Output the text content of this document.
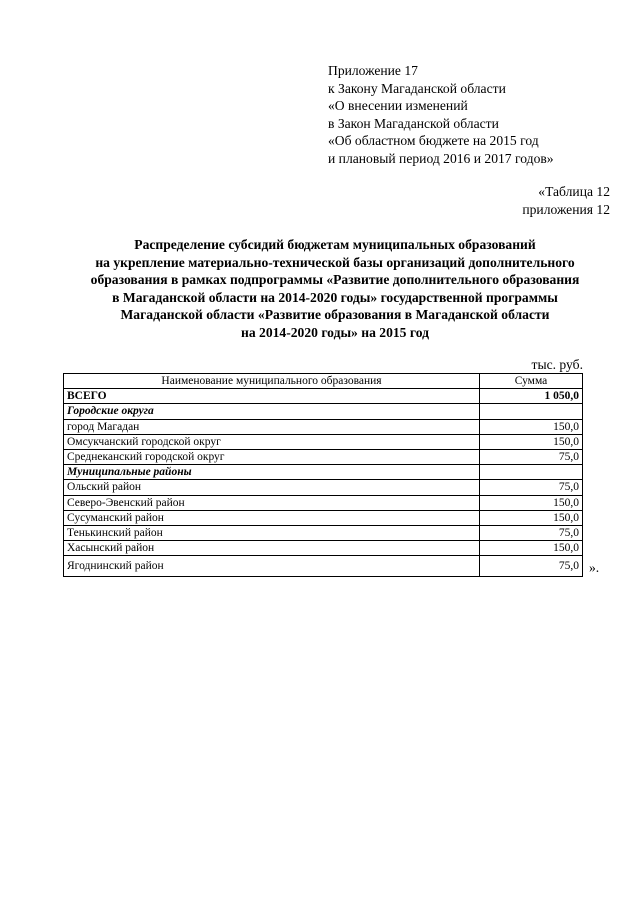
Приложение 17
к Закону Магаданской области
«О внесении изменений
в Закон Магаданской области
«Об областном бюджете на 2015 год
и плановый период 2016 и 2017 годов»
«Таблица 12
приложения 12
Распределение субсидий бюджетам муниципальных образований
на укрепление материально-технической базы организаций дополнительного
образования в рамках подпрограммы «Развитие дополнительного образования
в Магаданской области на 2014-2020 годы» государственной программы
Магаданской области «Развитие образования в Магаданской области
на 2014-2020 годы» на 2015 год
тыс. руб.
Наименование муниципального образования	Сумма
ВСЕГО	1 050,0
Городские округа	
город Магадан	150,0
Омсукчанский городской округ	150,0
Среднеканский городской округ	75,0
Муниципальные районы	
Ольский район	75,0
Северо-Эвенский район	150,0
Сусуманский район	150,0
Тенькинский район	75,0
Хасынский район	150,0
Ягоднинский район	75,0 ».
